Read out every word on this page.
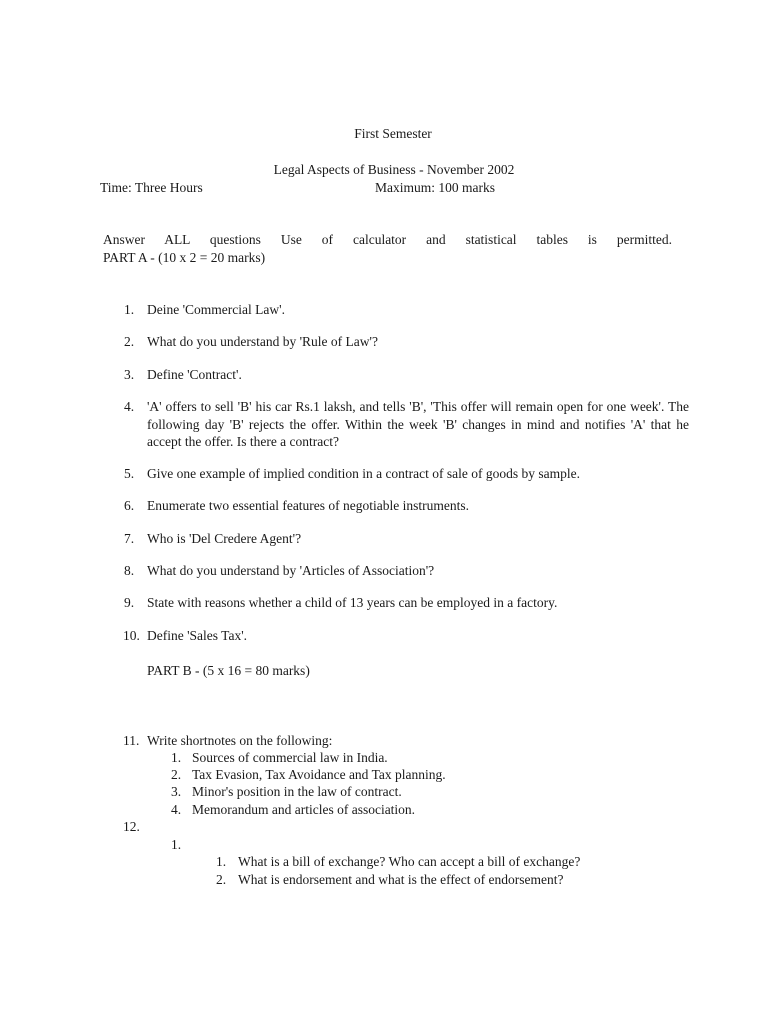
First Semester
Legal Aspects of Business - November 2002
Time: Three Hours	Maximum: 100 marks
Answer ALL questions Use of calculator and statistical tables is permitted.
PART A - (10 x 2 = 20 marks)
1. Deine 'Commercial Law'.
2. What do you understand by 'Rule of Law'?
3. Define 'Contract'.
4. 'A' offers to sell 'B' his car Rs.1 laksh, and tells 'B', 'This offer will remain open for one week'. The following day 'B' rejects the offer. Within the week 'B' changes in mind and notifies 'A' that he accept the offer. Is there a contract?
5. Give one example of implied condition in a contract of sale of goods by sample.
6. Enumerate two essential features of negotiable instruments.
7. Who is 'Del Credere Agent'?
8. What do you understand by 'Articles of Association'?
9. State with reasons whether a child of 13 years can be employed in a factory.
10. Define 'Sales Tax'.
PART B - (5 x 16 = 80 marks)
11. Write shortnotes on the following:
1. Sources of commercial law in India.
2. Tax Evasion, Tax Avoidance and Tax planning.
3. Minor's position in the law of contract.
4. Memorandum and articles of association.
12.
1.
1. What is a bill of exchange? Who can accept a bill of exchange?
2. What is endorsement and what is the effect of endorsement?
